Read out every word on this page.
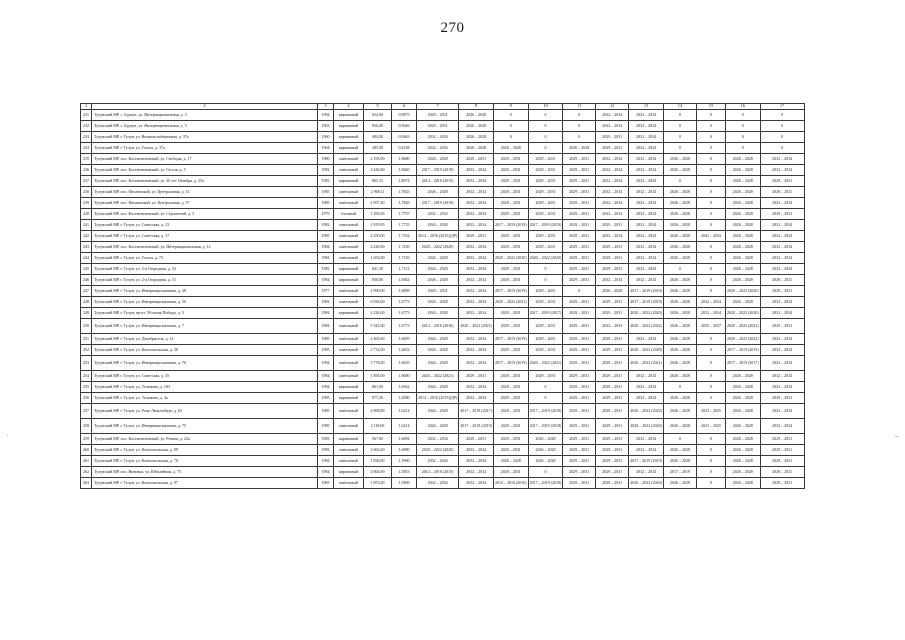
270
·	–
1	2	3	4	5	6	7	8	9	10	11	12	13	14	15	16	17
231	Тулунский МР, с. Бурхун, ул. Интернациональная, д. 3	1984	кирпичный	654,00	0,9875	2029 – 2031	2026 – 2028	0	0	0	2032 – 2034	2032 – 2034	0	0	0	0
232	Тулунский МР, с. Бурхун, ул. Интернациональная, д. 5	1963	кирпичный	656,00	0,9646	2029 – 2031	2026 – 2028	0	0	0	2032 – 2034	2032 – 2034	0	0	0	0
233	Тулунский МР, г. Тулун, ул. Великая набережная, д. 37а	1960	кирпичный	404,00	0,9463	2032 – 2034	2026 – 2028	0	0	0	2029 – 2031	2032 – 2034	0	0	0	0
234	Тулунский МР, г. Тулун, ул. Гоголя, д. 37а	1964	кирпичный	285,00	0,4138	2032 – 2034	2026 – 2028	2026 – 2028	0	2026 – 2028	2029 – 2031	2032 – 2034	0	0	0	0
235	Тулунский МР, пос. Костантиновский, ул. Свободы, д. 17	1980	панельный	2 193,00	1,8680	2026 – 2028	2029 – 2031	2029 – 2031	2029 – 2031	2029 – 2031	2032 – 2034	2032 – 2034	2026 – 2028	0	2026 – 2028	2032 – 2034
236	Тулунский МР, пос. Костантиновский, ул. Гоголя, д. 5	1982	панельный	4 446,00	1,8460	2017 – 2019 (2019)	2032 – 2034	2029 – 2031	2029 – 2031	2029 – 2031	2032 – 2034	2032 – 2034	2026 – 2028	0	2026 – 2028	2032 – 2034
237	Тулунский МР, пос. Костантиновский, ул. 20 лет Октября, д. 25а	1982	кирпичный	865,31	1,8074	2014 – 2016 (2015)	2032 – 2034	2029 – 2031	2029 – 2031	2029 – 2031	2032 – 2034	2032 – 2034	0	0	2026 – 2028	2029 – 2031
238	Тулунский МР, пос. Фаолинский, ул. Центральная, д. 31	1985	панельный	2 968,11	1,7825	2026 – 2028	2032 – 2034	2029 – 2031	2029 – 2031	2029 – 2031	2032 – 2034	2032 – 2034	2026 – 2028	0	2026 – 2028	2029 – 2031
239	Тулунский МР, пос. Фаолинский, ул. Центральная, д. 37	1985	панельный	2 857,40	1,7826	2017 – 2019 (2019)	2032 – 2034	2029 – 2031	2029 – 2031	2029 – 2031	2032 – 2034	2032 – 2034	2026 – 2028	0	2026 – 2028	2032 – 2034
240	Тулунский МР, пос. Костантиновский, ул. Строителей, д. 5	1979	блочный	1 295,06	1,7797	2032 – 2034	2032 – 2034	2029 – 2031	2029 – 2031	2029 – 2031	2032 – 2034	2032 – 2034	2026 – 2028	0	2026 – 2028	2029 – 2031
241	Тулунский МР, г. Тулун, ул. Советская, д. 23	1982	панельный	1 819,95	1,7725	2026 – 2028	2032 – 2034	2017 – 2019 (2019)	2017 – 2019 (2019)	2029 – 2031	2029 – 2031	2032 – 2034	2026 – 2028	0	2026 – 2028	2032 – 2034
242	Тулунский МР, г. Тулун, ул. Советская, д. 17	1985	панельный	4 250,00	1,7332	2014 – 2016 (2015)(ДР)	2029 – 2031	2029 – 2031	2029 – 2031	2029 – 2031	2032 – 2034	2032 – 2034	2026 – 2028	2041 – 2043	2026 – 2028	2032 – 2034
243	Тулунский МР, пос. Костантиновский, ул. Интернациональная, д. 12	1984	панельный	4 220,00	1,7230	2020 – 2022 (2020)	2032 – 2034	2029 – 2031	2029 – 2031	2029 – 2031	2029 – 2031	2032 – 2034	2026 – 2028	0	2026 – 2028	2032 – 2034
244	Тулунский МР, г. Тулун, ул. Гоголя, д. 73	1984	панельный	1 653,00	1,7139	2026 – 2028	2032 – 2034	2020 – 2022 (2020)	2020 – 2022 (2020)	2029 – 2031	2029 – 2031	2032 – 2034	2026 – 2028	0	2026 – 2028	2032 – 2034
245	Тулунский МР, г. Тулун, ул. 2-я Огородная, д. 53	1983	кирпичный	841,30	1,7113	2026 – 2028	2032 – 2034	2029 – 2031	0	2029 – 2031	2029 – 2031	2032 – 2034	0	0	2026 – 2028	2032 – 2034
246	Тулунский МР, г. Тулун, ул. 2-я Огородная, д. 51	1984	кирпичный	830,00	1,6944	2026 – 2028	2032 – 2034	2029 – 2031	0	2029 – 2031	2032 – 2034	2032 – 2034	2026 – 2028	0	2026 – 2028	2029 – 2031
247	Тулунский МР, г. Тулун, ул. Интернациональная, д. 38	1977	панельный	2 990,00	1,6898	2029 – 2031	2032 – 2034	2017 – 2019 (2019)	2029 – 2031	0	2026 – 2028	2017 – 2019 (2019)	2026 – 2028	0	2020 – 2022 (2020)	2029 – 2031
248	Тулунский МР, г. Тулун, ул. Интернациональная, д. 50	1984	панельный	6 036,00	1,6773	2026 – 2028	2032 – 2034	2020 – 2022 (2021)	2029 – 2031	2029 – 2031	2029 – 2031	2017 – 2019 (2019)	2026 – 2028	2032 – 2034	2026 – 2028	2032 – 2034
249	Тулунский МР, г. Тулун, пр-кт. 50-летия Победы, д. 3	1984	кирпичный	4 226,00	1,6773	2026 – 2028	2032 – 2034	2029 – 2031	2017 – 2019 (2017)	2029 – 2031	2029 – 2031	2020 – 2022 (2020)	2026 – 2028	2032 – 2034	2020 – 2022 (2020)	2032 – 2034
250	Тулунский МР, г. Тулун, ул. Интернациональная, д. 7	1984	панельный	5 325,00	1,6773	2014 – 2016 (2016)	2020 – 2022 (2021)	2029 – 2031	2029 – 2031	2029 – 2031	2032 – 2034	2020 – 2022 (2022)	2026 – 2028	2035 – 2037	2020 – 2022 (2022)	2029 – 2031
251	Тулунский МР, г. Тулун, ул. Декабристов, д. 21	1985	панельный	2 463,60	1,6659	2026 – 2028	2032 – 2034	2017 – 2019 (2019)	2029 – 2031	2029 – 2031	2029 – 2031	2032 – 2034	2026 – 2028	0	2020 – 2022 (2022)	2032 – 2034
252	Тулунский МР, г. Тулун, ул. Комсомольская, д. 38	1985	панельный	2 732,00	1,6652	2026 – 2028	2032 – 2034	2029 – 2031	2029 – 2031	2029 – 2031	2029 – 2031	2020 – 2022 (2020)	2026 – 2028	0	2017 – 2019 (2019)	2032 – 2034
253	Тулунский МР, г. Тулун, ул. Интернациональная, д. 76	1984	панельный	3 778,00	1,6635	2026 – 2028	2032 – 2034	2017 – 2019 (2019)	2020 – 2022 (2021)	2029 – 2031	2029 – 2031	2020 – 2022 (2021)	2026 – 2028	0	2017 – 2019 (2017)	2032 – 2034
254	Тулунский МР, г. Тулун, ул. Советская, д. 35	1984	панельный	1 856,00	1,6600	2020 – 2022 (2021)	2029 – 2031	2029 – 2031	2029 – 2031	2029 – 2031	2029 – 2031	2032 – 2034	2026 – 2028	0	2026 – 2028	2032 – 2034
255	Тулунский МР, г. Тулун, ул. Тельмана, д. 183	1984	кирпичный	861,00	1,6562	2026 – 2028	2032 – 2034	2029 – 2031	0	2029 – 2031	2029 – 2031	2032 – 2034	0	0	2026 – 2028	2032 – 2034
256	Тулунский МР, г. Тулун, ул. Тельмана, д. 4а	1985	кирпичный	877,26	1,6580	2014 – 2016 (2015)(ДР)	2032 – 2034	2029 – 2031	0	2029 – 2031	2029 – 2031	2032 – 2034	2026 – 2028	0	2026 – 2028	2029 – 2031
257	Тулунский МР, г. Тулун, ул. Розы Люксембург, д. 63	1985	панельный	4 898,00	1,6214	2026 – 2028	2017 – 2019 (2017)	2029 – 2031	2017 – 2019 (2018)	2029 – 2031	2029 – 2031	2020 – 2022 (2022)	2026 – 2028	2023 – 2025	2026 – 2028	2032 – 2034
258	Тулунский МР, г. Тулун, ул. Интернациональная, д. 75	1985	панельный	2 118,06	1,6214	2026 – 2028	2017 – 2019 (2019)	2029 – 2031	2017 – 2019 (2018)	2029 – 2031	2029 – 2031	2020 – 2022 (2020)	2026 – 2028	2023 – 2025	2026 – 2028	2032 – 2034
259	Тулунский МР, пос. Костантиновский, ул. Речная, д. 22а	1983	кирпичный	567,00	1,6094	2032 – 2034	2029 – 2031	2029 – 2031	2026 – 2028	2029 – 2031	2029 – 2031	2032 – 2034	0	0	2026 – 2028	2029 – 2031
260	Тулунский МР, г. Тулун, ул. Комсомольская, д. 89	1983	панельный	2 662,60	1,6080	2020 – 2022 (2020)	2032 – 2034	2029 – 2031	2026 – 2028	2029 – 2031	2029 – 2031	2032 – 2034	2026 – 2028	0	2026 – 2028	2029 – 2031
261	Тулунский МР, г. Тулун, ул. Комсомольская, д. 70	1984	панельный	1 836,00	1,5990	2032 – 2034	2032 – 2034	2026 – 2028	2026 – 2028	2029 – 2031	2029 – 2031	2017 – 2019 (2019)	2026 – 2028	0	2026 – 2028	2029 – 2031
262	Тулунский МР, пос. Ниновск, ул. Юбилейная, д. 75	1984	кирпичный	4 864,90	1,5853	2014 – 2016 (2015)	2032 – 2034	2029 – 2031	0	2029 – 2031	2029 – 2031	2032 – 2034	2017 – 2019	0	2026 – 2028	2029 – 2031
263	Тулунский МР, г. Тулун, ул. Комсомольская, д. 97	1983	панельный	1 853,00	1,5806	2032 – 2034	2032 – 2034	2014 – 2016 (2016)	2017 – 2019 (2018)	2029 – 2031	2029 – 2031	2020 – 2022 (2020)	2026 – 2028	0	2026 – 2028	2029 – 2031
